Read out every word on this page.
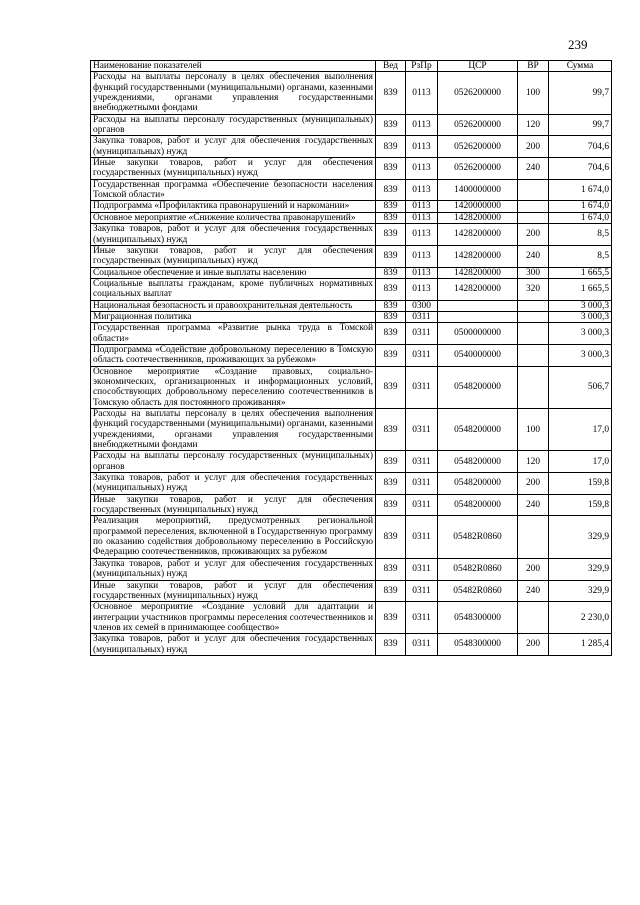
239
Наименование показателей	Вед	РзПр	ЦСР	ВР	Сумма
Расходы на выплаты персоналу в целях обеспечения выполнения функций государственными (муниципальными) органами, казенными учреждениями, органами управления государственными внебюджетными фондами	839	0113	0526200000	100	99,7
Расходы на выплаты персоналу государственных (муниципальных) органов	839	0113	0526200000	120	99,7
Закупка товаров, работ и услуг для обеспечения государственных (муниципальных) нужд	839	0113	0526200000	200	704,6
Иные закупки товаров, работ и услуг для обеспечения государственных (муниципальных) нужд	839	0113	0526200000	240	704,6
Государственная программа «Обеспечение безопасности населения Томской области»	839	0113	1400000000		1 674,0
Подпрограмма «Профилактика правонарушений и наркомании»	839	0113	1420000000		1 674,0
Основное мероприятие «Снижение количества правонарушений»	839	0113	1428200000		1 674,0
Закупка товаров, работ и услуг для обеспечения государственных (муниципальных) нужд	839	0113	1428200000	200	8,5
Иные закупки товаров, работ и услуг для обеспечения государственных (муниципальных) нужд	839	0113	1428200000	240	8,5
Социальное обеспечение и иные выплаты населению	839	0113	1428200000	300	1 665,5
Социальные выплаты гражданам, кроме публичных нормативных социальных выплат	839	0113	1428200000	320	1 665,5
Национальная безопасность и правоохранительная деятельность	839	0300			3 000,3
Миграционная политика	839	0311			3 000,3
Государственная программа «Развитие рынка труда в Томской области»	839	0311	0500000000		3 000,3
Подпрограмма «Содействие добровольному переселению в Томскую область соотечественников, проживающих за рубежом»	839	0311	0540000000		3 000,3
Основное мероприятие «Создание правовых, социально-экономических, организационных и информационных условий, способствующих добровольному переселению соотечественников в Томскую область для постоянного проживания»	839	0311	0548200000		506,7
Расходы на выплаты персоналу в целях обеспечения выполнения функций государственными (муниципальными) органами, казенными учреждениями, органами управления государственными внебюджетными фондами	839	0311	0548200000	100	17,0
Расходы на выплаты персоналу государственных (муниципальных) органов	839	0311	0548200000	120	17,0
Закупка товаров, работ и услуг для обеспечения государственных (муниципальных) нужд	839	0311	0548200000	200	159,8
Иные закупки товаров, работ и услуг для обеспечения государственных (муниципальных) нужд	839	0311	0548200000	240	159,8
Реализация мероприятий, предусмотренных региональной программой переселения, включенной в Государственную программу по оказанию содействия добровольному переселению в Российскую Федерацию соотечественников, проживающих за рубежом	839	0311	05482R0860		329,9
Закупка товаров, работ и услуг для обеспечения государственных (муниципальных) нужд	839	0311	05482R0860	200	329,9
Иные закупки товаров, работ и услуг для обеспечения государственных (муниципальных) нужд	839	0311	05482R0860	240	329,9
Основное мероприятие «Создание условий для адаптации и интеграции участников программы переселения соотечественников и членов их семей в принимающее сообщество»	839	0311	0548300000		2 230,0
Закупка товаров, работ и услуг для обеспечения государственных (муниципальных) нужд	839	0311	0548300000	200	1 285,4
